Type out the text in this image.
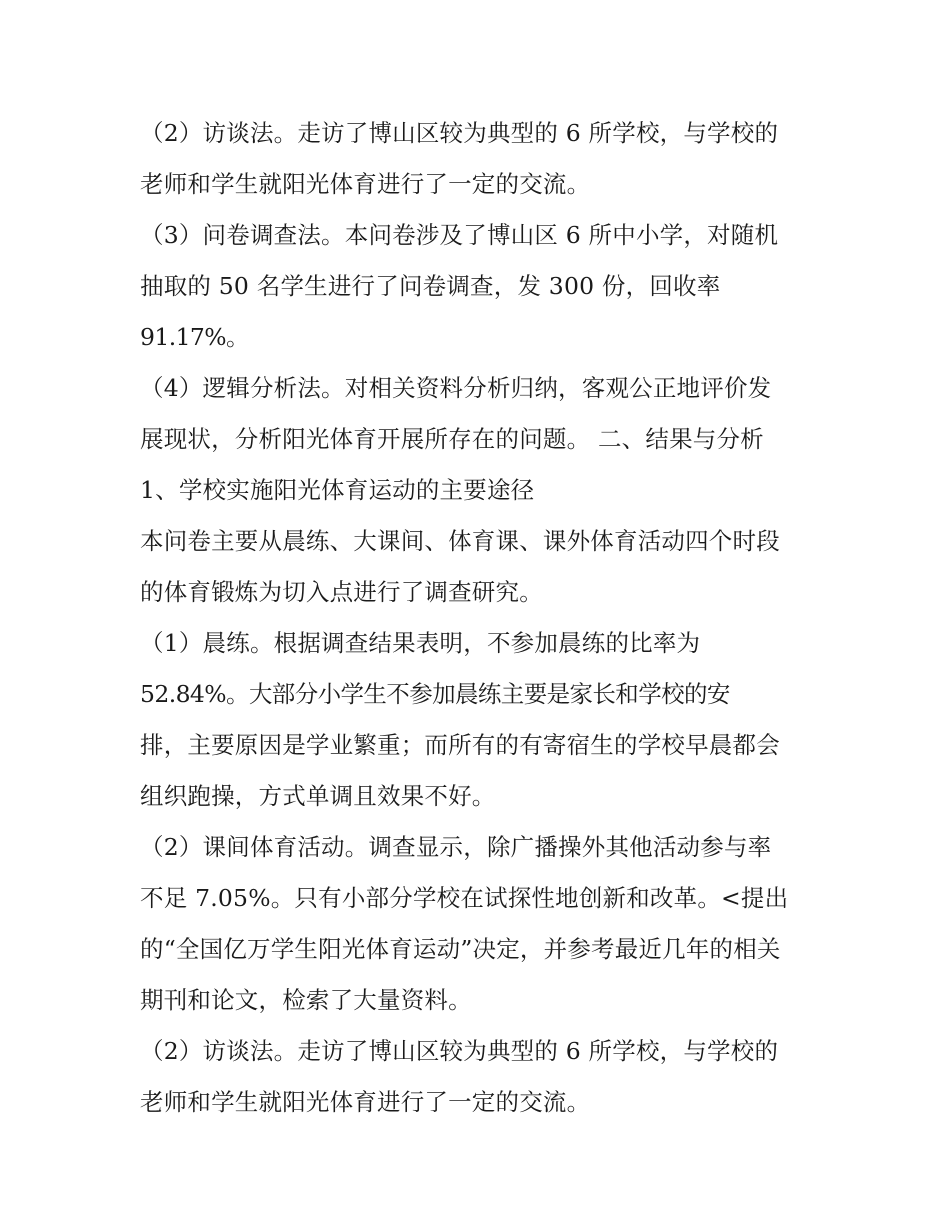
（2）访谈法。走访了博山区较为典型的 6 所学校，与学校的
老师和学生就阳光体育进行了一定的交流。
（3）问卷调查法。本问卷涉及了博山区 6 所中小学，对随机
抽取的 50 名学生进行了问卷调查，发 300 份，回收率
91.17%。
（4）逻辑分析法。对相关资料分析归纳，客观公正地评价发
展现状，分析阳光体育开展所存在的问题。 二、结果与分析
1、学校实施阳光体育运动的主要途径
本问卷主要从晨练、大课间、体育课、课外体育活动四个时段
的体育锻炼为切入点进行了调查研究。
（1）晨练。根据调查结果表明，不参加晨练的比率为
52.84%。大部分小学生不参加晨练主要是家长和学校的安
排，主要原因是学业繁重；而所有的有寄宿生的学校早晨都会
组织跑操，方式单调且效果不好。
（2）课间体育活动。调查显示，除广播操外其他活动参与率
不足 7.05%。只有小部分学校在试探性地创新和改革。<提出
的“全国亿万学生阳光体育运动”决定，并参考最近几年的相关
期刊和论文，检索了大量资料。
（2）访谈法。走访了博山区较为典型的 6 所学校，与学校的
老师和学生就阳光体育进行了一定的交流。
